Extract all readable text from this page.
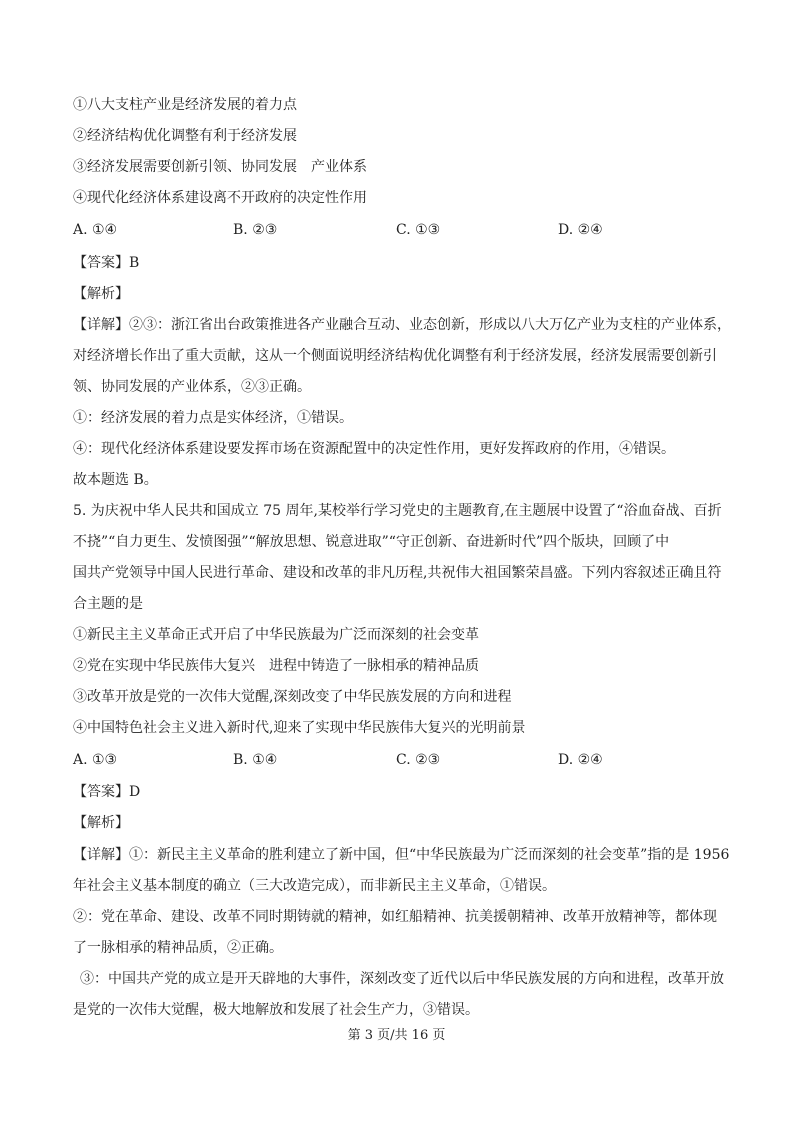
①八大支柱产业是经济发展的着力点
②经济结构优化调整有利于经济发展
③经济发展需要创新引领、协同发展　产业体系
④现代化经济体系建设离不开政府的决定性作用
A. ①④	B. ②③	C. ①③	D. ②④
【答案】B
【解析】
【详解】②③：浙江省出台政策推进各产业融合互动、业态创新，形成以八大万亿产业为支柱的产业体系，
对经济增长作出了重大贡献，这从一个侧面说明经济结构优化调整有利于经济发展，经济发展需要创新引
领、协同发展的产业体系，②③正确。
①：经济发展的着力点是实体经济，①错误。
④：现代化经济体系建设要发挥市场在资源配置中的决定性作用，更好发挥政府的作用，④错误。
故本题选 B。
5. 为庆祝中华人民共和国成立 75 周年,某校举行学习党史的主题教育,在主题展中设置了“浴血奋战、百折
不挠”“自力更生、发愤图强”“解放思想、锐意进取”“守正创新、奋进新时代”四个版块，回顾了中
国共产党领导中国人民进行革命、建设和改革的非凡历程,共祝伟大祖国繁荣昌盛。下列内容叙述正确且符
合主题的是
①新民主主义革命正式开启了中华民族最为广泛而深刻的社会变革
②党在实现中华民族伟大复兴　进程中铸造了一脉相承的精神品质
③改革开放是党的一次伟大觉醒,深刻改变了中华民族发展的方向和进程
④中国特色社会主义进入新时代,迎来了实现中华民族伟大复兴的光明前景
A. ①③	B. ①④	C. ②③	D. ②④
【答案】D
【解析】
【详解】①：新民主主义革命的胜利建立了新中国，但“中华民族最为广泛而深刻的社会变革”指的是 1956
年社会主义基本制度的确立（三大改造完成），而非新民主主义革命，①错误。
②：党在革命、建设、改革不同时期铸就的精神，如红船精神、抗美援朝精神、改革开放精神等，都体现
了一脉相承的精神品质，②正确。
③：中国共产党的成立是开天辟地的大事件，深刻改变了近代以后中华民族发展的方向和进程，改革开放
是党的一次伟大觉醒，极大地解放和发展了社会生产力，③错误。
第 3 页/共 16 页
